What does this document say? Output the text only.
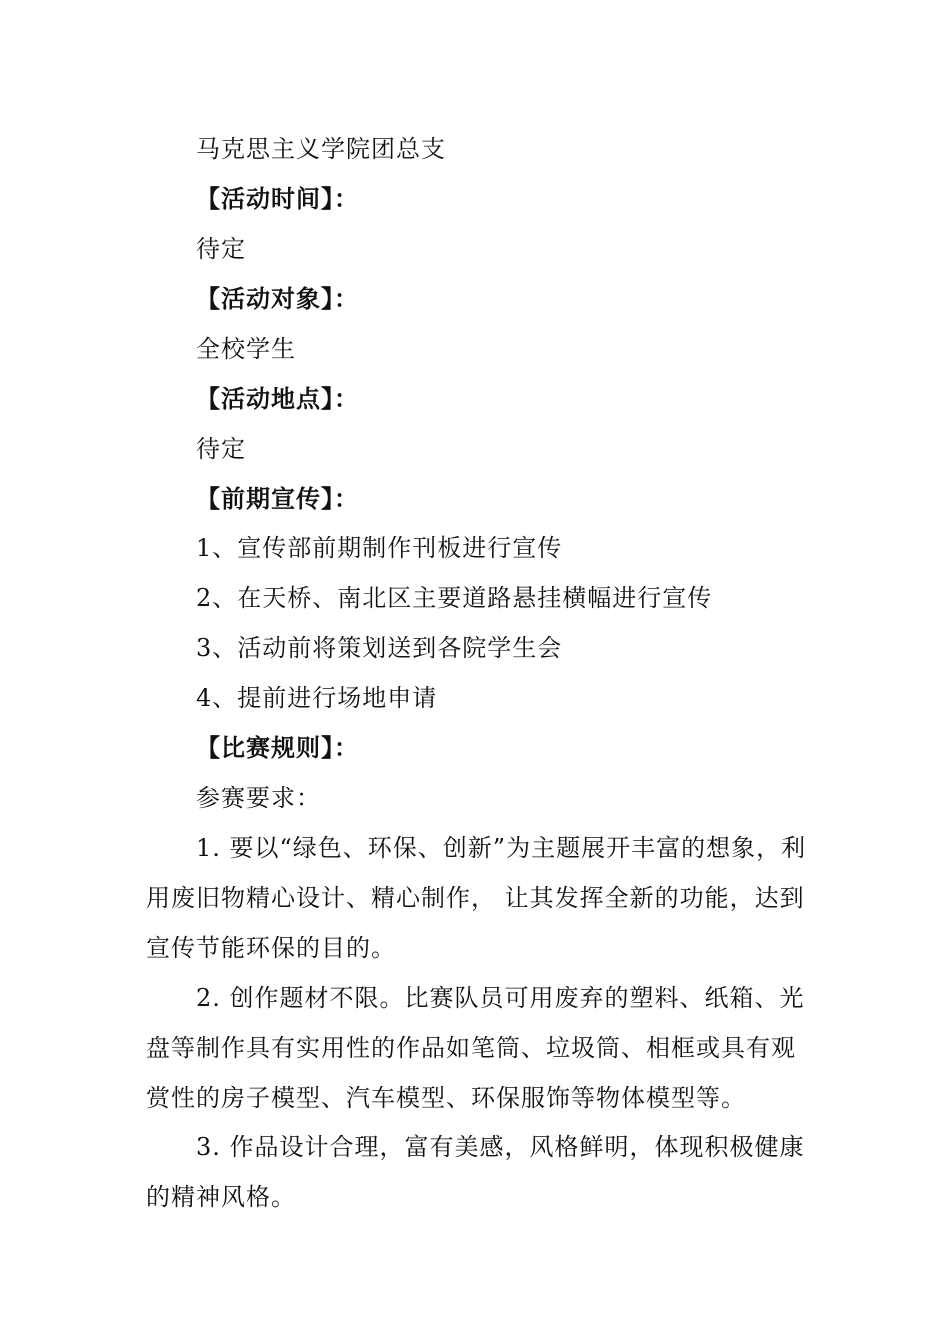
马克思主义学院团总支
【活动时间】：
待定
【活动对象】：
全校学生
【活动地点】：
待定
【前期宣传】：
1、宣传部前期制作刊板进行宣传
2、在天桥、南北区主要道路悬挂横幅进行宣传
3、活动前将策划送到各院学生会
4、提前进行场地申请
【比赛规则】：
参赛要求：
1. 要以“绿色、环保、创新”为主题展开丰富的想象，利用废旧物精心设计、精心制作， 让其发挥全新的功能，达到宣传节能环保的目的。
2. 创作题材不限。比赛队员可用废弃的塑料、纸箱、光盘等制作具有实用性的作品如笔筒、垃圾筒、相框或具有观赏性的房子模型、汽车模型、环保服饰等物体模型等。
3. 作品设计合理，富有美感，风格鲜明，体现积极健康的精神风格。
